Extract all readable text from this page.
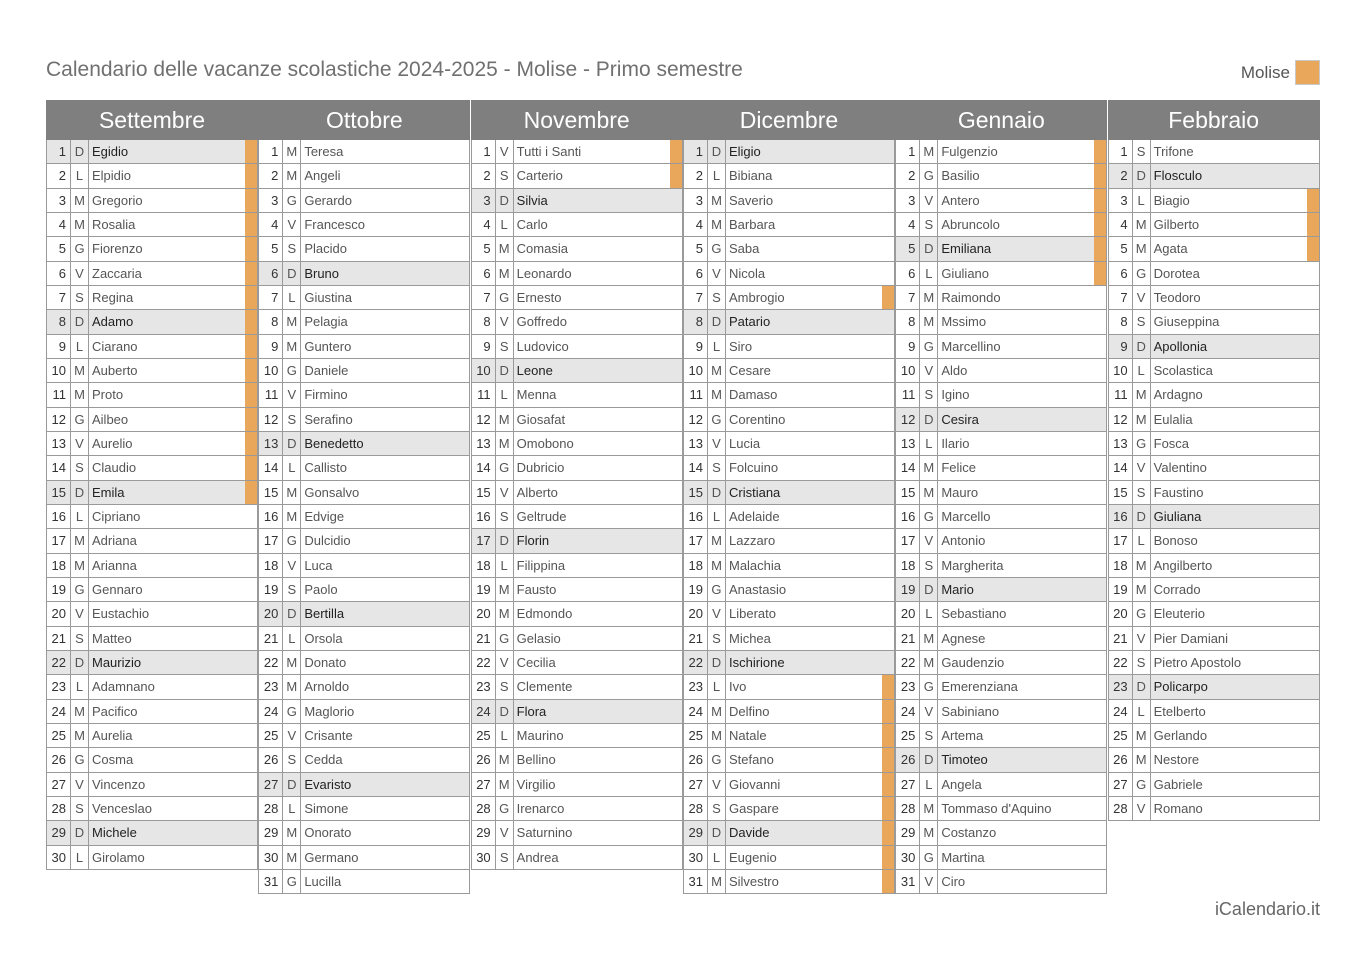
Calendario delle vacanze scolastiche 2024-2025 - Molise - Primo semestre	Molise
Settembre
1 D Egidio
2 L Elpidio
3 M Gregorio
4 M Rosalia
5 G Fiorenzo
6 V Zaccaria
7 S Regina
8 D Adamo
9 L Ciarano
10 M Auberto
11 M Proto
12 G Ailbeo
13 V Aurelio
14 S Claudio
15 D Emila
16 L Cipriano
17 M Adriana
18 M Arianna
19 G Gennaro
20 V Eustachio
21 S Matteo
22 D Maurizio
23 L Adamnano
24 M Pacifico
25 M Aurelia
26 G Cosma
27 V Vincenzo
28 S Venceslao
29 D Michele
30 L Girolamo
Ottobre
1 M Teresa
2 M Angeli
3 G Gerardo
4 V Francesco
5 S Placido
6 D Bruno
7 L Giustina
8 M Pelagia
9 M Guntero
10 G Daniele
11 V Firmino
12 S Serafino
13 D Benedetto
14 L Callisto
15 M Gonsalvo
16 M Edvige
17 G Dulcidio
18 V Luca
19 S Paolo
20 D Bertilla
21 L Orsola
22 M Donato
23 M Arnoldo
24 G Maglorio
25 V Crisante
26 S Cedda
27 D Evaristo
28 L Simone
29 M Onorato
30 M Germano
31 G Lucilla
Novembre
1 V Tutti i Santi
2 S Carterio
3 D Silvia
4 L Carlo
5 M Comasia
6 M Leonardo
7 G Ernesto
8 V Goffredo
9 S Ludovico
10 D Leone
11 L Menna
12 M Giosafat
13 M Omobono
14 G Dubricio
15 V Alberto
16 S Geltrude
17 D Florin
18 L Filippina
19 M Fausto
20 M Edmondo
21 G Gelasio
22 V Cecilia
23 S Clemente
24 D Flora
25 L Maurino
26 M Bellino
27 M Virgilio
28 G Irenarco
29 V Saturnino
30 S Andrea
Dicembre
1 D Eligio
2 L Bibiana
3 M Saverio
4 M Barbara
5 G Saba
6 V Nicola
7 S Ambrogio
8 D Patario
9 L Siro
10 M Cesare
11 M Damaso
12 G Corentino
13 V Lucia
14 S Folcuino
15 D Cristiana
16 L Adelaide
17 M Lazzaro
18 M Malachia
19 G Anastasio
20 V Liberato
21 S Michea
22 D Ischirione
23 L Ivo
24 M Delfino
25 M Natale
26 G Stefano
27 V Giovanni
28 S Gaspare
29 D Davide
30 L Eugenio
31 M Silvestro
Gennaio
1 M Fulgenzio
2 G Basilio
3 V Antero
4 S Abruncolo
5 D Emiliana
6 L Giuliano
7 M Raimondo
8 M Mssimo
9 G Marcellino
10 V Aldo
11 S Igino
12 D Cesira
13 L Ilario
14 M Felice
15 M Mauro
16 G Marcello
17 V Antonio
18 S Margherita
19 D Mario
20 L Sebastiano
21 M Agnese
22 M Gaudenzio
23 G Emerenziana
24 V Sabiniano
25 S Artema
26 D Timoteo
27 L Angela
28 M Tommaso d'Aquino
29 M Costanzo
30 G Martina
31 V Ciro
Febbraio
1 S Trifone
2 D Flosculo
3 L Biagio
4 M Gilberto
5 M Agata
6 G Dorotea
7 V Teodoro
8 S Giuseppina
9 D Apollonia
10 L Scolastica
11 M Ardagno
12 M Eulalia
13 G Fosca
14 V Valentino
15 S Faustino
16 D Giuliana
17 L Bonoso
18 M Angilberto
19 M Corrado
20 G Eleuterio
21 V Pier Damiani
22 S Pietro Apostolo
23 D Policarpo
24 L Etelberto
25 M Gerlando
26 M Nestore
27 G Gabriele
28 V Romano
iCalendario.it
